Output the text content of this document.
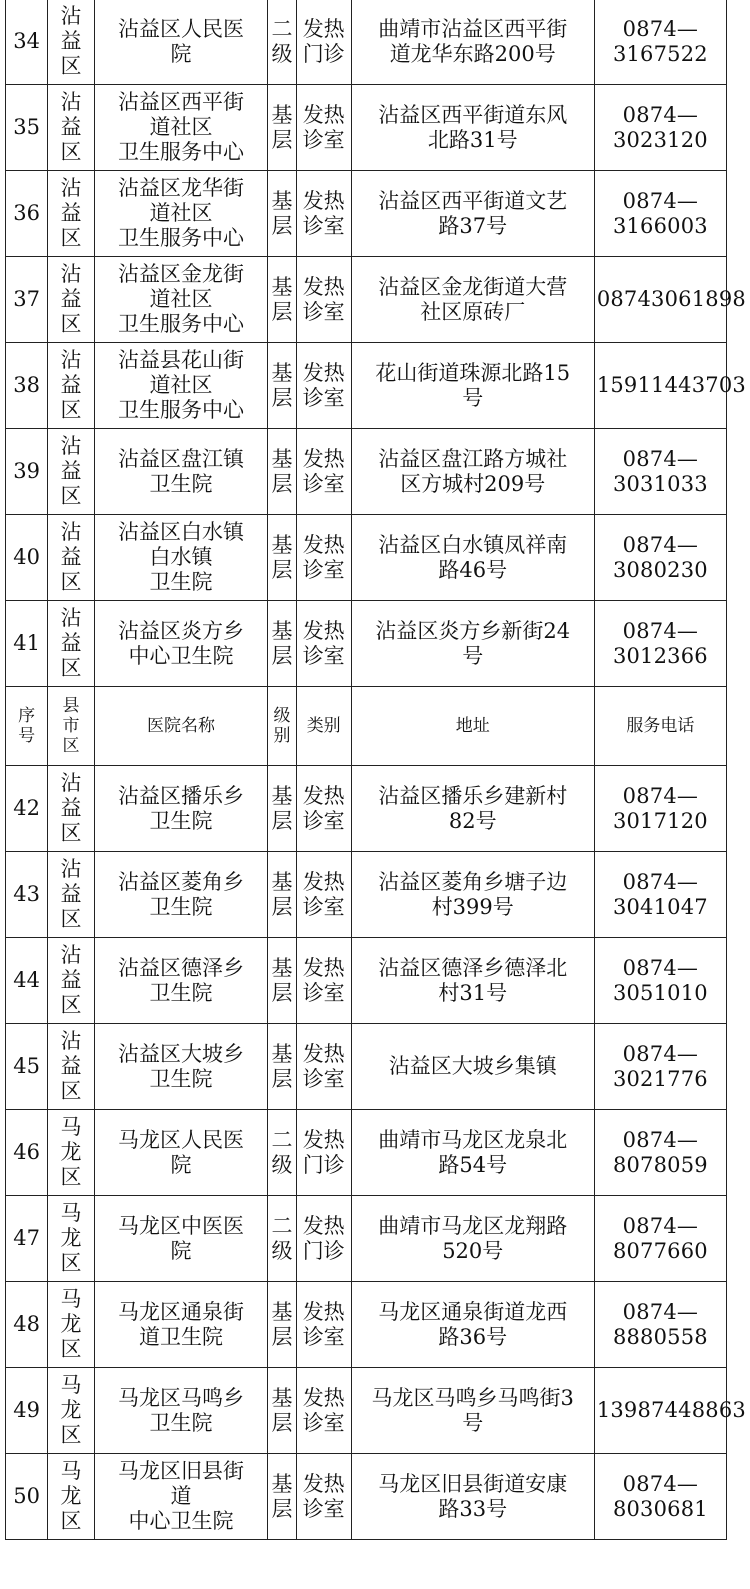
34	沾
益
区	沾益区人民医
院	二
级	发热
门诊	曲靖市沾益区西平街
道龙华东路200号	0874—
3167522
35	沾
益
区	沾益区西平街
道社区
卫生服务中心	基
层	发热
诊室	沾益区西平街道东风
北路31号	0874—
3023120
36	沾
益
区	沾益区龙华街
道社区
卫生服务中心	基
层	发热
诊室	沾益区西平街道文艺
路37号	0874—
3166003
37	沾
益
区	沾益区金龙街
道社区
卫生服务中心	基
层	发热
诊室	沾益区金龙街道大营
社区原砖厂	08743061898
38	沾
益
区	沾益县花山街
道社区
卫生服务中心	基
层	发热
诊室	花山街道珠源北路15
号	15911443703
39	沾
益
区	沾益区盘江镇
卫生院	基
层	发热
诊室	沾益区盘江路方城社
区方城村209号	0874—
3031033
40	沾
益
区	沾益区白水镇
白水镇
卫生院	基
层	发热
诊室	沾益区白水镇凤祥南
路46号	0874—
3080230
41	沾
益
区	沾益区炎方乡
中心卫生院	基
层	发热
诊室	沾益区炎方乡新街24
号	0874—
3012366
序
号	县
市
区	医院名称	级
别	类别	地址	服务电话
42	沾
益
区	沾益区播乐乡
卫生院	基
层	发热
诊室	沾益区播乐乡建新村
82号	0874—
3017120
43	沾
益
区	沾益区菱角乡
卫生院	基
层	发热
诊室	沾益区菱角乡塘子边
村399号	0874—
3041047
44	沾
益
区	沾益区德泽乡
卫生院	基
层	发热
诊室	沾益区德泽乡德泽北
村31号	0874—
3051010
45	沾
益
区	沾益区大坡乡
卫生院	基
层	发热
诊室	沾益区大坡乡集镇	0874—
3021776
46	马
龙
区	马龙区人民医
院	二
级	发热
门诊	曲靖市马龙区龙泉北
路54号	0874—
8078059
47	马
龙
区	马龙区中医医
院	二
级	发热
门诊	曲靖市马龙区龙翔路
520号	0874—
8077660
48	马
龙
区	马龙区通泉街
道卫生院	基
层	发热
诊室	马龙区通泉街道龙西
路36号	0874—
8880558
49	马
龙
区	马龙区马鸣乡
卫生院	基
层	发热
诊室	马龙区马鸣乡马鸣街3
号	13987448863
50	马
龙
区	马龙区旧县街
道
中心卫生院	基
层	发热
诊室	马龙区旧县街道安康
路33号	0874—
8030681
